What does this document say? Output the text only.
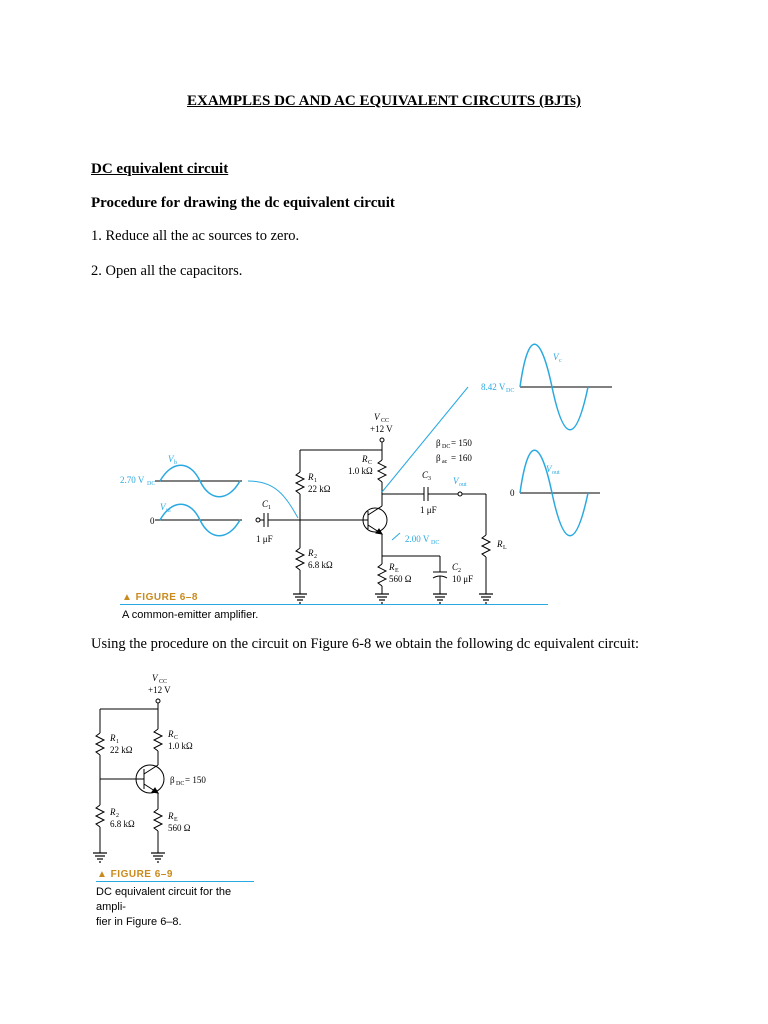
EXAMPLES DC AND AC EQUIVALENT CIRCUITS (BJTs)
DC equivalent circuit
Procedure for drawing the dc equivalent circuit
1. Reduce all the ac sources to zero.
2. Open all the capacitors.
V CC
+12 V
R 1
22 kΩ
R 2
6.8 kΩ
R C
1.0 kΩ
R E
560 Ω
C 1
1 μF
C 2
10 μF
C 3
1 μF
R L
β DC = 150
β ac = 160
0
0
2.70 V DC
2.00 V DC
8.42 V DC
V b
V in
V c
V out
V out
▲ FIGURE 6–8
A common-emitter amplifier.
Using the procedure on the circuit on Figure 6-8 we obtain the following dc equivalent circuit:
V CC
+12 V
R 1
22 kΩ
R 2
6.8 kΩ
R C
1.0 kΩ
R E
560 Ω
β DC = 150
▲ FIGURE 6–9
DC equivalent circuit for the ampli-
fier in Figure 6–8.
